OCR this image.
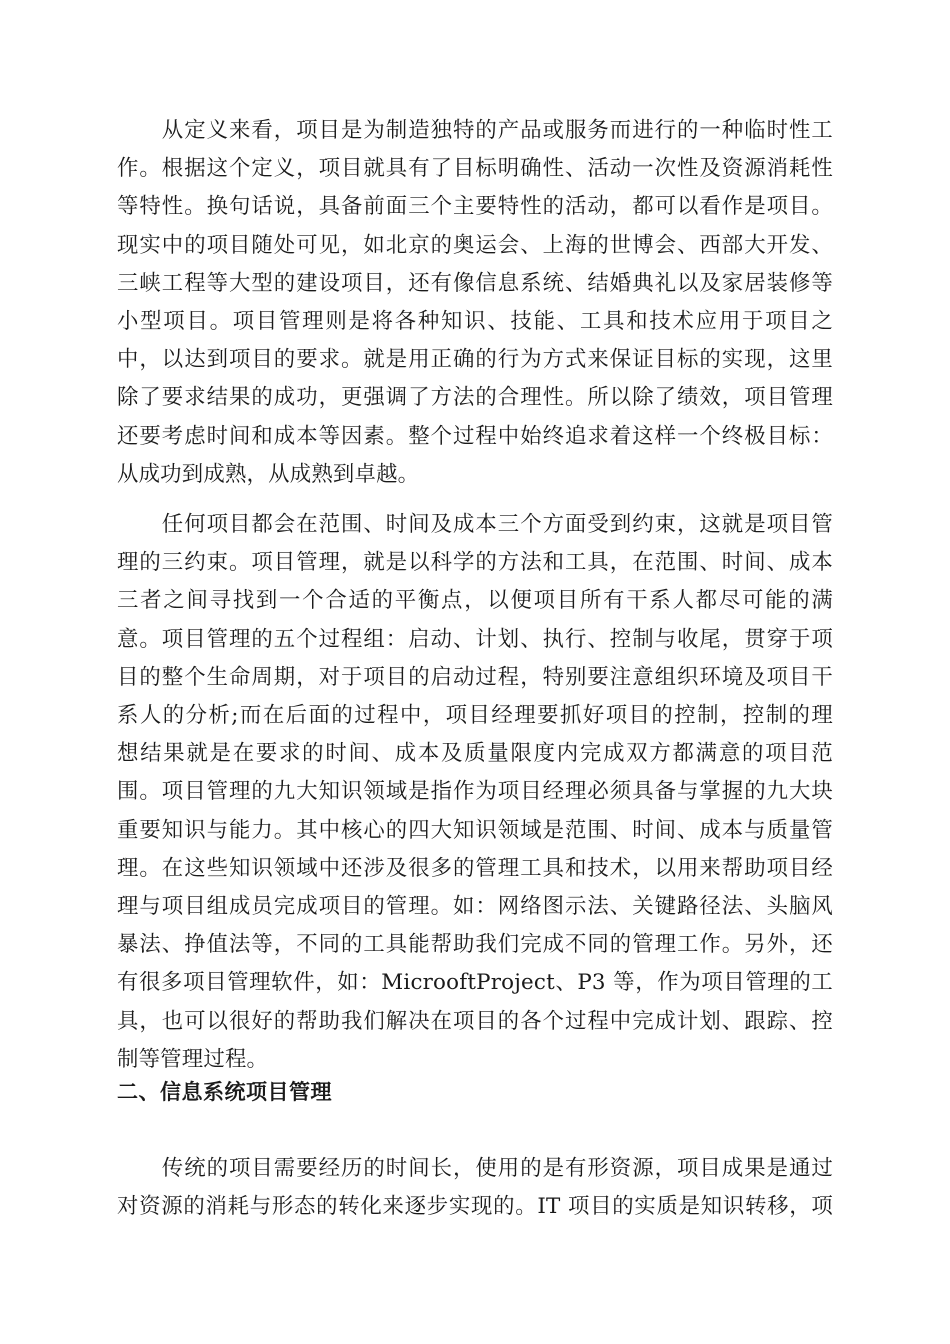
　　从定义来看，项目是为制造独特的产品或服务而进行的一种临时性工
作。根据这个定义，项目就具有了目标明确性、活动一次性及资源消耗性
等特性。换句话说，具备前面三个主要特性的活动，都可以看作是项目。
现实中的项目随处可见，如北京的奥运会、上海的世博会、西部大开发、
三峡工程等大型的建设项目，还有像信息系统、结婚典礼以及家居装修等
小型项目。项目管理则是将各种知识、技能、工具和技术应用于项目之
中，以达到项目的要求。就是用正确的行为方式来保证目标的实现，这里
除了要求结果的成功，更强调了方法的合理性。所以除了绩效，项目管理
还要考虑时间和成本等因素。整个过程中始终追求着这样一个终极目标：
从成功到成熟，从成熟到卓越。

　　任何项目都会在范围、时间及成本三个方面受到约束，这就是项目管
理的三约束。项目管理，就是以科学的方法和工具，在范围、时间、成本
三者之间寻找到一个合适的平衡点，以便项目所有干系人都尽可能的满
意。项目管理的五个过程组：启动、计划、执行、控制与收尾，贯穿于项
目的整个生命周期，对于项目的启动过程，特别要注意组织环境及项目干
系人的分析;而在后面的过程中，项目经理要抓好项目的控制，控制的理
想结果就是在要求的时间、成本及质量限度内完成双方都满意的项目范
围。项目管理的九大知识领域是指作为项目经理必须具备与掌握的九大块
重要知识与能力。其中核心的四大知识领域是范围、时间、成本与质量管
理。在这些知识领域中还涉及很多的管理工具和技术，以用来帮助项目经
理与项目组成员完成项目的管理。如：网络图示法、关键路径法、头脑风
暴法、挣值法等，不同的工具能帮助我们完成不同的管理工作。另外，还
有很多项目管理软件，如：MicrooftProject、P3 等，作为项目管理的工
具，也可以很好的帮助我们解决在项目的各个过程中完成计划、跟踪、控
制等管理过程。

二、信息系统项目管理

　　传统的项目需要经历的时间长，使用的是有形资源，项目成果是通过
对资源的消耗与形态的转化来逐步实现的。IT 项目的实质是知识转移，项
